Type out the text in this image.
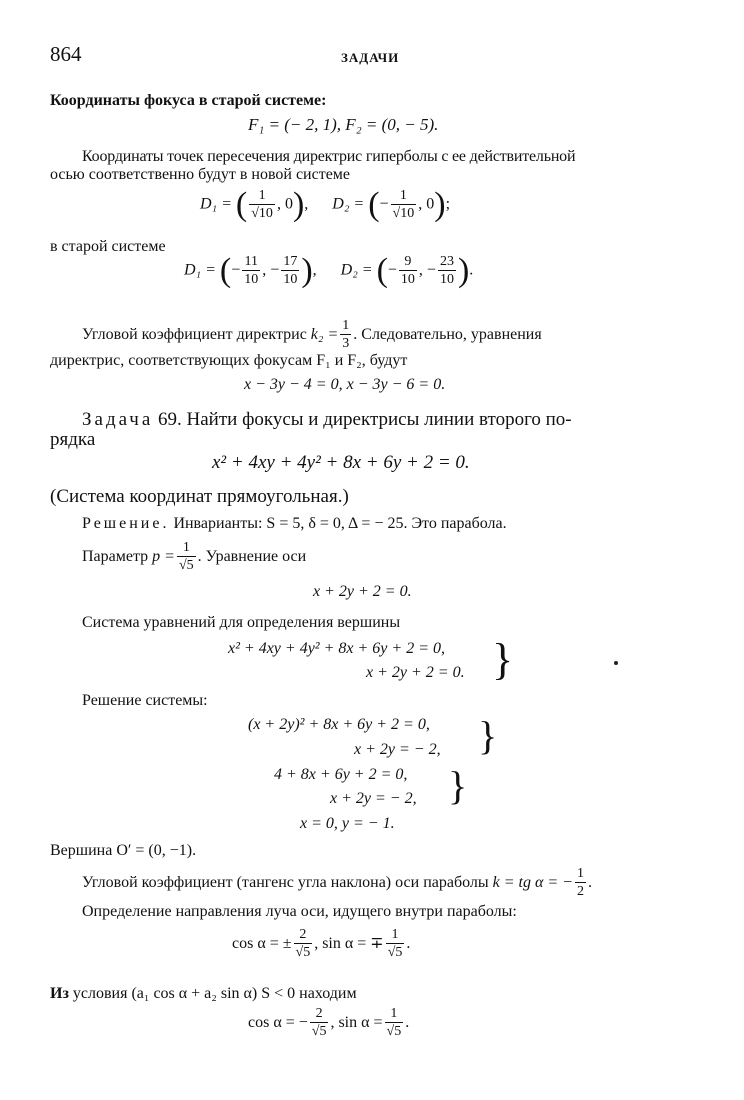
864	ЗАДАЧИ
Координаты фокуса в старой системе:
F₁ = (− 2, 1), F₂ = (0, − 5).
Координаты точек пересечения директрис гиперболы с ее действительной
осью соответственно будут в новой системе
D₁ = ( $\frac{1}{√10}$ , 0),      D₂ = (− $\frac{1}{√10}$ , 0);
в старой системе
D₁ = (− $\frac{11}{10}$ , − $\frac{17}{10}$ ),      D₂ = (− $\frac{9}{10}$ , − $\frac{23}{10}$ ).
Угловой коэффициент директрис $k_2 = \frac{1}{3}$ . Следовательно, уравнения
директрис, соответствующих фокусам F₁ и F₂, будут
x − 3y − 4 = 0, x − 3y − 6 = 0.
Задача 69. Найти фокусы и директрисы линии второго по-
рядка
x² + 4xy + 4y² + 8x + 6y + 2 = 0.
(Система координат прямоугольная.)
Решение. Инварианты: S = 5, δ = 0, Δ = − 25. Это парабола.
Параметр $p = \frac{1}{√5}$ . Уравнение оси
x + 2y + 2 = 0.
Система уравнений для определения вершины
x² + 4xy + 4y² + 8x + 6y + 2 = 0,
x + 2y + 2 = 0. }
Решение системы:
(x + 2y)² + 8x + 6y + 2 = 0,
x + 2y = − 2, }
4 + 8x + 6y + 2 = 0,
x + 2y = − 2, }
x = 0, y = − 1.
Вершина O′ = (0, −1).
Угловой коэффициент (тангенс угла наклона) оси параболы k = tg α = − $\frac{1}{2}$ .
Определение направления луча оси, идущего внутри параболы:
cos α = ± $\frac{2}{√5}$ , sin α = ∓ $\frac{1}{√5}$ .
Из условия (a₁ cos α + a₂ sin α) S < 0 находим
cos α = − $\frac{2}{√5}$ , $\sin \alpha = \frac{1}{√5}$ .
